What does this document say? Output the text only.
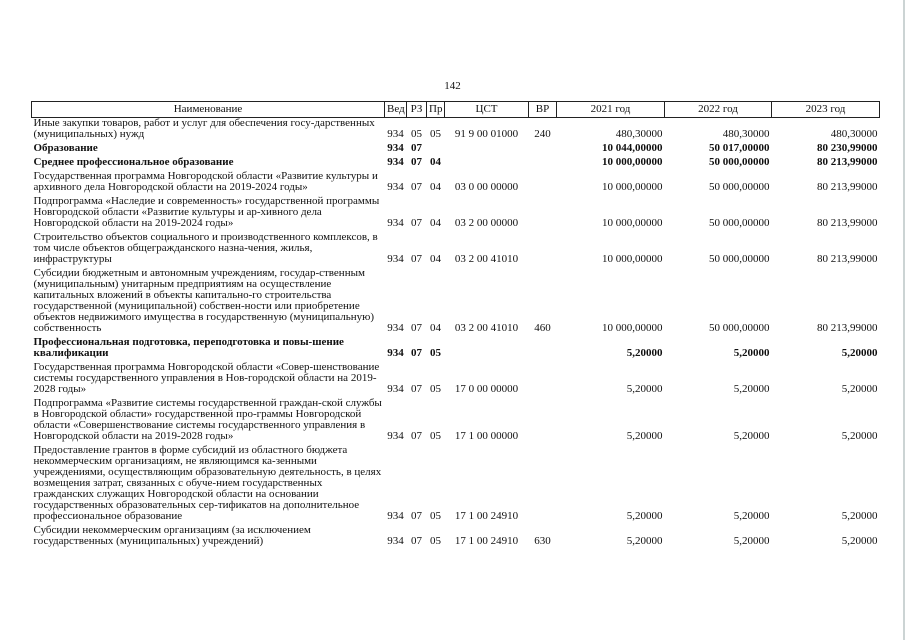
142
Наименование	Вед	РЗ	Пр	ЦСТ	ВР	2021 год	2022 год	2023 год
Иные закупки товаров, работ и услуг для обеспечения госу-дарственных (муниципальных) нужд	934	05	05	91 9 00 01000	240	480,30000	480,30000	480,30000
Образование	934	07				10 044,00000	50 017,00000	80 230,99000
Среднее профессиональное образование	934	07	04			10 000,00000	50 000,00000	80 213,99000
Государственная программа Новгородской области «Развитие культуры и архивного дела Новгородской области на 2019-2024 годы»	934	07	04	03 0 00 00000		10 000,00000	50 000,00000	80 213,99000
Подпрограмма «Наследие и современность» государственной программы Новгородской области «Развитие культуры и ар-хивного дела Новгородской области на 2019-2024 годы»	934	07	04	03 2 00 00000		10 000,00000	50 000,00000	80 213,99000
Строительство объектов социального и производственного комплексов, в том числе объектов общегражданского назна-чения, жилья, инфраструктуры	934	07	04	03 2 00 41010		10 000,00000	50 000,00000	80 213,99000
Субсидии бюджетным и автономным учреждениям, государ-ственным (муниципальным) унитарным предприятиям на осуществление капитальных вложений в объекты капитально-го строительства государственной (муниципальной) собствен-ности или приобретение объектов недвижимого имущества в государственную (муниципальную) собственность	934	07	04	03 2 00 41010	460	10 000,00000	50 000,00000	80 213,99000
Профессиональная подготовка, переподготовка и повы-шение квалификации	934	07	05			5,20000	5,20000	5,20000
Государственная программа Новгородской области «Совер-шенствование системы государственного управления в Нов-городской области на 2019-2028 годы»	934	07	05	17 0 00 00000		5,20000	5,20000	5,20000
Подпрограмма «Развитие системы государственной граждан-ской службы в Новгородской области» государственной про-граммы Новгородской области «Совершенствование системы государственного управления в Новгородской области на 2019-2028 годы»	934	07	05	17 1 00 00000		5,20000	5,20000	5,20000
Предоставление грантов в форме субсидий из областного бюджета некоммерческим организациям, не являющимся ка-зенными учреждениями, осуществляющим образовательную деятельность, в целях возмещения затрат, связанных с обуче-нием государственных гражданских служащих Новгородской области на основании государственных образовательных сер-тификатов на дополнительное профессиональное образование	934	07	05	17 1 00 24910		5,20000	5,20000	5,20000
Субсидии некоммерческим организациям (за исключением государственных (муниципальных) учреждений)	934	07	05	17 1 00 24910	630	5,20000	5,20000	5,20000
